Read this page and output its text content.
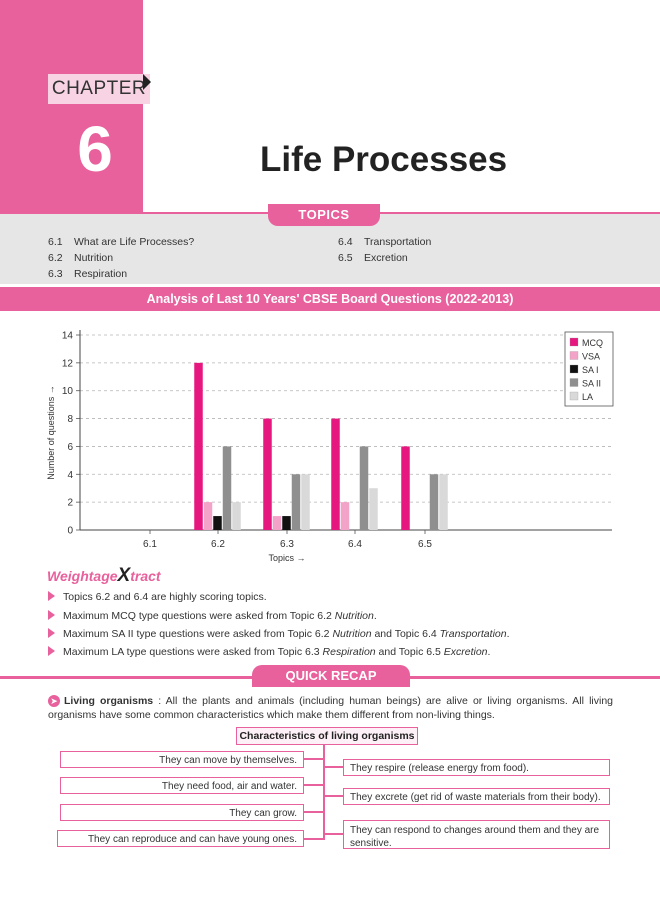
CHAPTER
6	Life Processes
TOPICS
6.1 What are Life Processes?
6.2 Nutrition
6.3 Respiration
6.4 Transportation
6.5 Excretion
Analysis of Last 10 Years' CBSE Board Questions (2022-2013)
0
2
4
6
8
10
12
14
6.1	6.2	6.3	6.4	6.5
Topics →
Number of questions →
MCQ
VSA
SA I
SA II
LA
WeightageXtract
Topics 6.2 and 6.4 are highly scoring topics.
Maximum MCQ type questions were asked from Topic 6.2 Nutrition.
Maximum SA II type questions were asked from Topic 6.2 Nutrition and Topic 6.4 Transportation.
Maximum LA type questions were asked from Topic 6.3 Respiration and Topic 6.5 Excretion.
QUICK RECAP
Living organisms : All the plants and animals (including human beings) are alive or living organisms. All living organisms have some common characteristics which make them different from non-living things.
➤
Characteristics of living organisms
They can move by themselves.
They need food, air and water.
They can grow.
They can reproduce and can have young ones.
They respire (release energy from food).
They excrete (get rid of waste materials from their body).
They can respond to changes around them and they are sensitive.
